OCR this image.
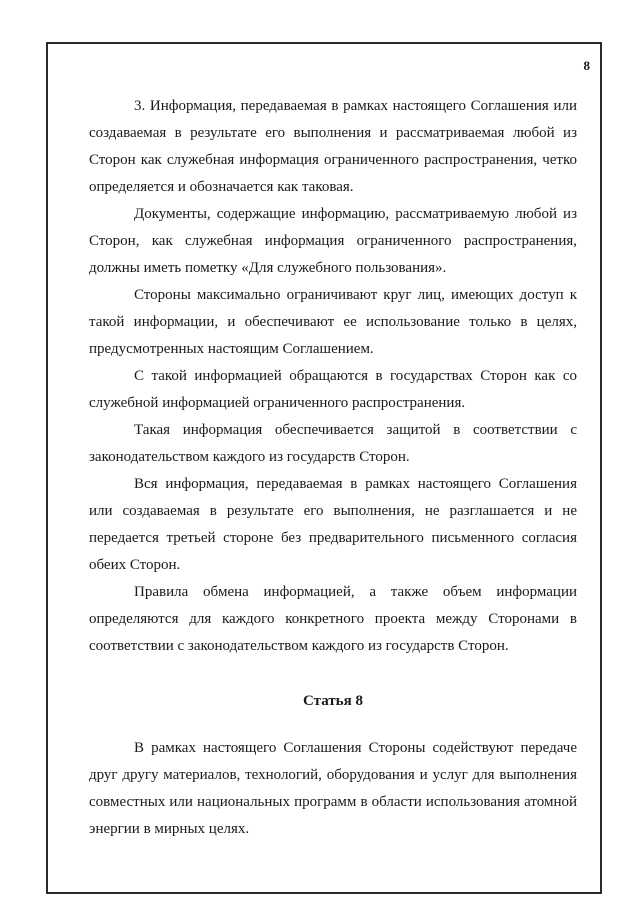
8

3. Информация, передаваемая в рамках настоящего Соглашения или создаваемая в результате его выполнения и рассматриваемая любой из Сторон как служебная информация ограниченного распространения, четко определяется и обозначается как таковая.

Документы, содержащие информацию, рассматриваемую любой из Сторон, как служебная информация ограниченного распространения, должны иметь пометку «Для служебного пользования».

Стороны максимально ограничивают круг лиц, имеющих доступ к такой информации, и обеспечивают ее использование только в целях, предусмотренных настоящим Соглашением.

С такой информацией обращаются в государствах Сторон как со служебной информацией ограниченного распространения.

Такая информация обеспечивается защитой в соответствии с законодательством каждого из государств Сторон.

Вся информация, передаваемая в рамках настоящего Соглашения или создаваемая в результате его выполнения, не разглашается и не передается третьей стороне без предварительного письменного согласия обеих Сторон.

Правила обмена информацией, а также объем информации определяются для каждого конкретного проекта между Сторонами в соответствии с законодательством каждого из государств Сторон.

Статья 8

В рамках настоящего Соглашения Стороны содействуют передаче друг другу материалов, технологий, оборудования и услуг для выполнения совместных или национальных программ в области использования атомной энергии в мирных целях.
